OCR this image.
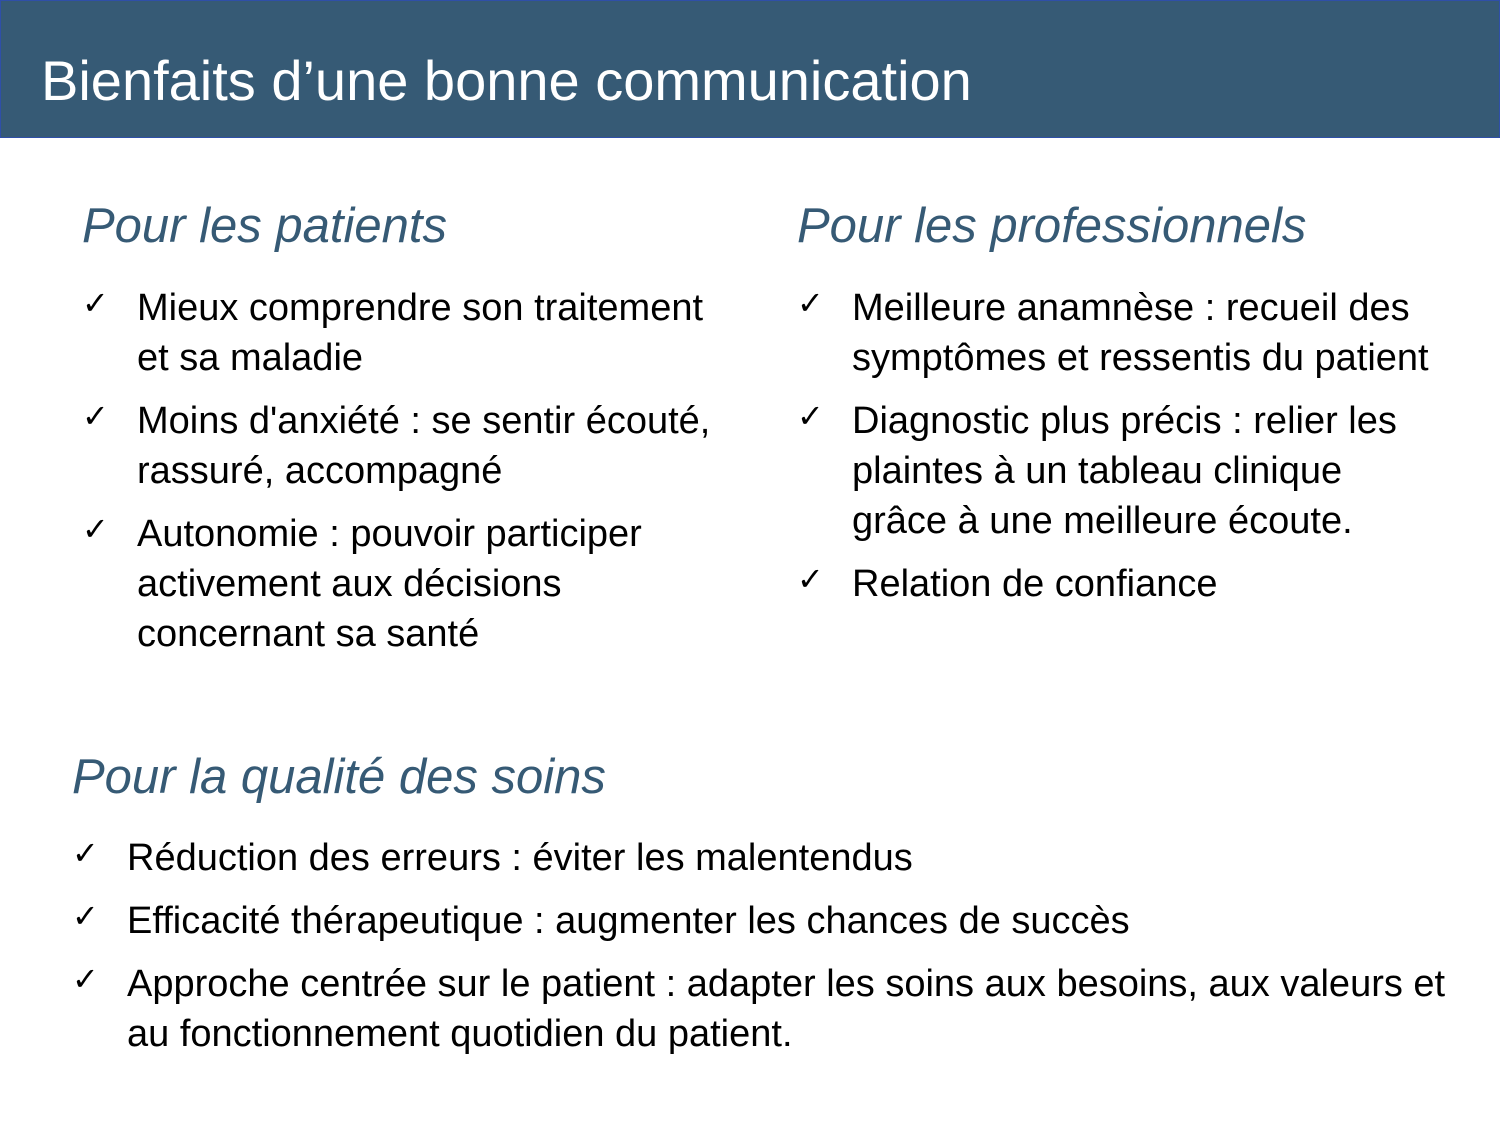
Bienfaits d’une bonne communication
Pour les patients
✓ Mieux comprendre son traitement et sa maladie
✓ Moins d'anxiété : se sentir écouté, rassuré, accompagné
✓ Autonomie : pouvoir participer activement aux décisions concernant sa santé
Pour les professionnels
✓ Meilleure anamnèse : recueil des symptômes et ressentis du patient
✓ Diagnostic plus précis : relier les plaintes à un tableau clinique grâce à une meilleure écoute.
✓ Relation de confiance
Pour la qualité des soins
✓ Réduction des erreurs : éviter les malentendus
✓ Efficacité thérapeutique : augmenter les chances de succès
✓ Approche centrée sur le patient : adapter les soins aux besoins, aux valeurs et au fonctionnement quotidien du patient.
